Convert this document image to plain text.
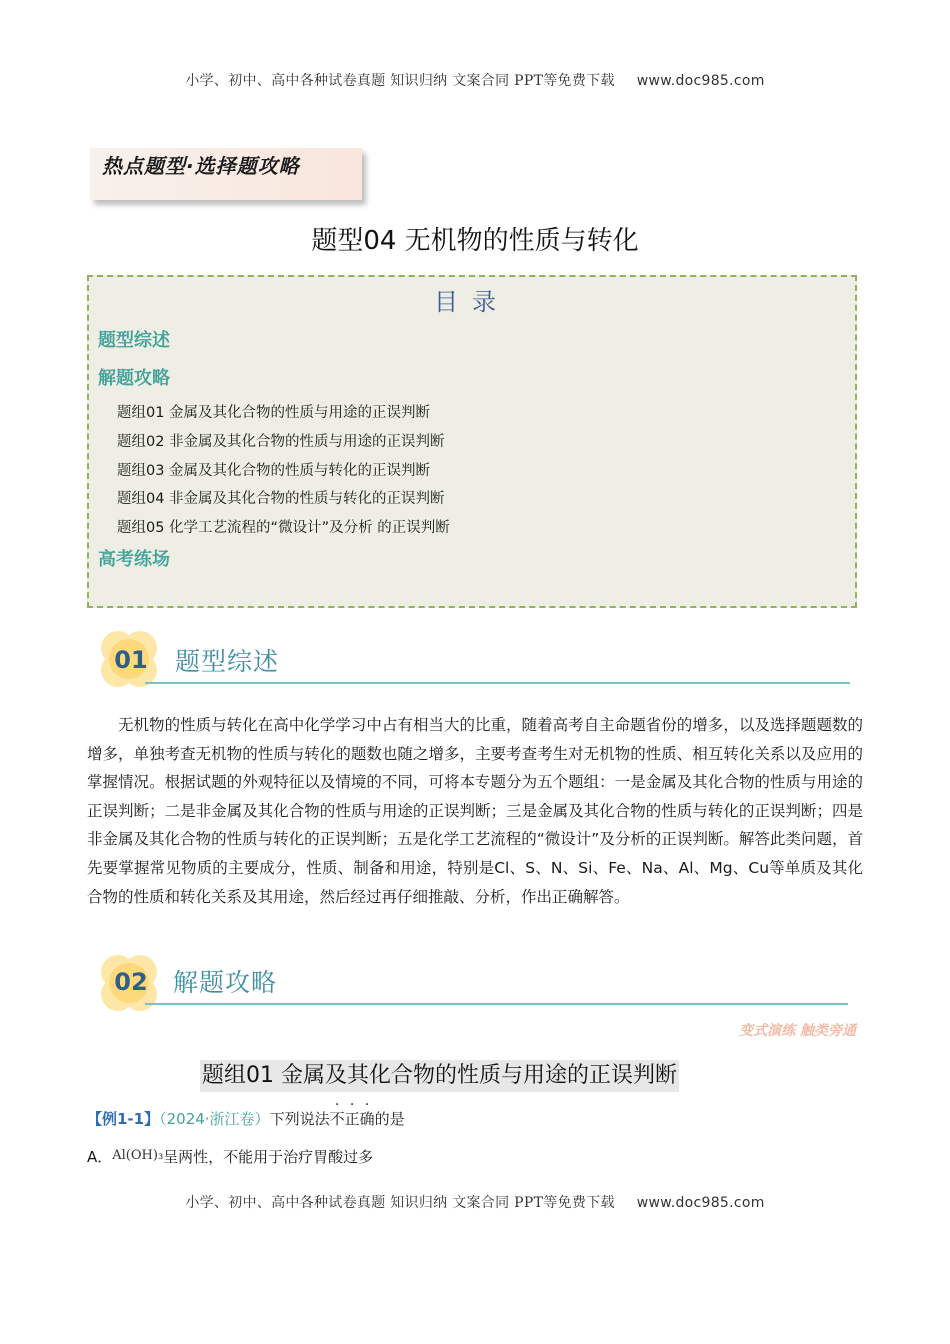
小学、初中、高中各种试卷真题 知识归纳 文案合同 PPT等免费下载 www.doc985.com
热点题型·选择题攻略
题型04 无机物的性质与转化
目录
题型综述
解题攻略
题组01 金属及其化合物的性质与用途的正误判断
题组02 非金属及其化合物的性质与用途的正误判断
题组03 金属及其化合物的性质与转化的正误判断
题组04 非金属及其化合物的性质与转化的正误判断
题组05 化学工艺流程的“微设计”及分析 的正误判断
高考练场
01	题型综述
无机物的性质与转化在高中化学学习中占有相当大的比重，随着高考自主命题省份的增多，以及选择题题数的增多，单独考查无机物的性质与转化的题数也随之增多，主要考查考生对无机物的性质、相互转化关系以及应用的掌握情况。根据试题的外观特征以及情境的不同，可将本专题分为五个题组：一是金属及其化合物的性质与用途的正误判断；二是非金属及其化合物的性质与用途的正误判断；三是金属及其化合物的性质与转化的正误判断；四是非金属及其化合物的性质与转化的正误判断；五是化学工艺流程的“微设计”及分析的正误判断。解答此类问题，首先要掌握常见物质的主要成分，性质、制备和用途，特别是Cl、S、N、Si、Fe、Na、Al、Mg、Cu等单质及其化合物的性质和转化关系及其用途，然后经过再仔细推敲、分析，作出正确解答。
02	解题攻略
变式演练 触类旁通
题组01 金属及其化合物的性质与用途的正误判断
【例1-1】（2024·浙江卷）下列说法不正确的是
A．Al(OH)₃呈两性，不能用于治疗胃酸过多
小学、初中、高中各种试卷真题 知识归纳 文案合同 PPT等免费下载 www.doc985.com
